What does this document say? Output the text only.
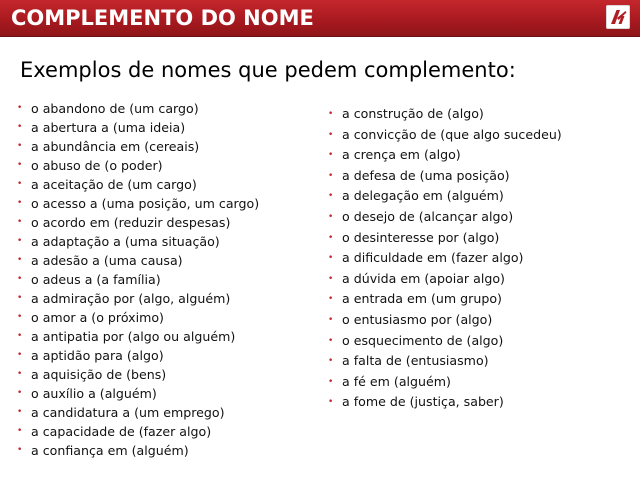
COMPLEMENTO DO NOME
Exemplos de nomes que pedem complemento:
• o abandono de (um cargo)
• a abertura a (uma ideia)
• a abundância em (cereais)
• o abuso de (o poder)
• a aceitação de (um cargo)
• o acesso a (uma posição, um cargo)
• o acordo em (reduzir despesas)
• a adaptação a (uma situação)
• a adesão a (uma causa)
• o adeus a (a família)
• a admiração por (algo, alguém)
• o amor a (o próximo)
• a antipatia por (algo ou alguém)
• a aptidão para (algo)
• a aquisição de (bens)
• o auxílio a (alguém)
• a candidatura a (um emprego)
• a capacidade de (fazer algo)
• a confiança em (alguém)
• a construção de (algo)
• a convicção de (que algo sucedeu)
• a crença em (algo)
• a defesa de (uma posição)
• a delegação em (alguém)
• o desejo de (alcançar algo)
• o desinteresse por (algo)
• a dificuldade em (fazer algo)
• a dúvida em (apoiar algo)
• a entrada em (um grupo)
• o entusiasmo por (algo)
• o esquecimento de (algo)
• a falta de (entusiasmo)
• a fé em (alguém)
• a fome de (justiça, saber)
